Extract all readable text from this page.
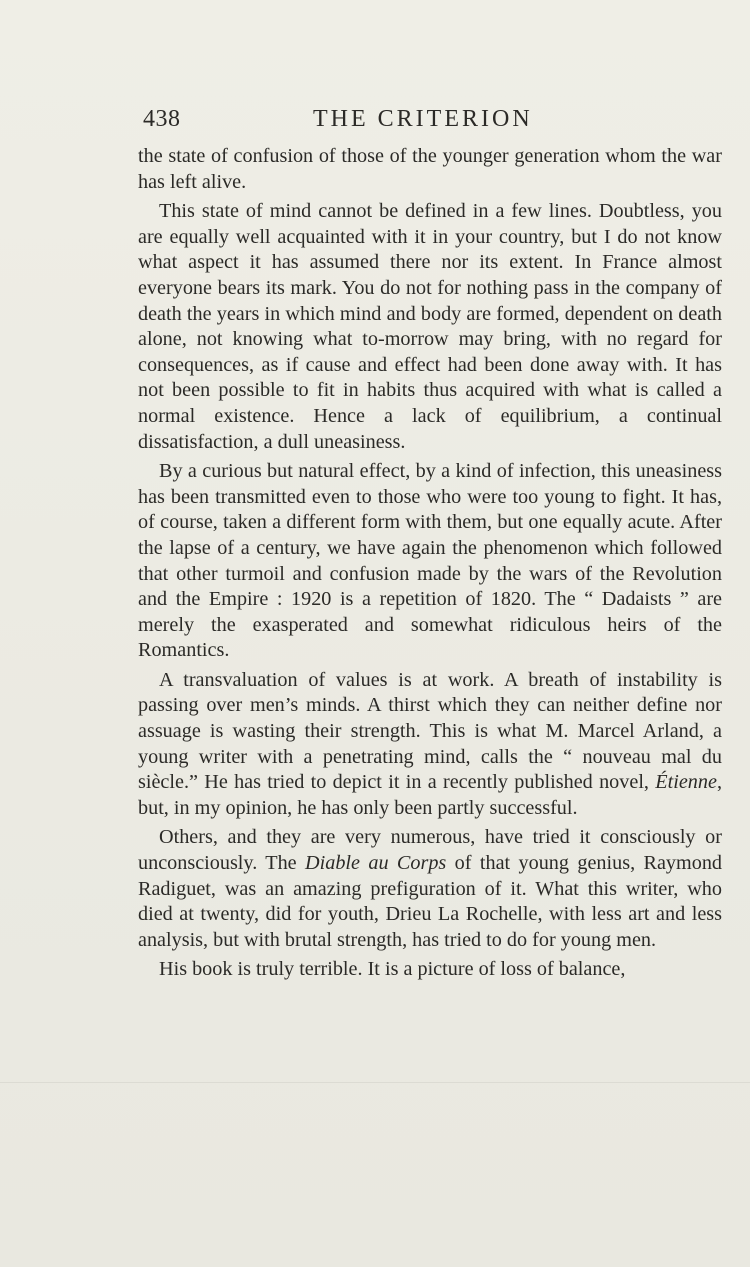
438	THE CRITERION

the state of confusion of those of the younger generation whom the war has left alive.

This state of mind cannot be defined in a few lines. Doubtless, you are equally well acquainted with it in your country, but I do not know what aspect it has assumed there nor its extent. In France almost everyone bears its mark. You do not for nothing pass in the company of death the years in which mind and body are formed, dependent on death alone, not knowing what to-morrow may bring, with no regard for consequences, as if cause and effect had been done away with. It has not been possible to fit in habits thus acquired with what is called a normal existence. Hence a lack of equilibrium, a continual dissatisfaction, a dull uneasiness.

By a curious but natural effect, by a kind of infection, this uneasiness has been transmitted even to those who were too young to fight. It has, of course, taken a different form with them, but one equally acute. After the lapse of a century, we have again the phenomenon which followed that other turmoil and confusion made by the wars of the Revolution and the Empire : 1920 is a repetition of 1820. The “ Dadaists ” are merely the exasperated and somewhat ridiculous heirs of the Romantics.

A transvaluation of values is at work. A breath of instability is passing over men’s minds. A thirst which they can neither define nor assuage is wasting their strength. This is what M. Marcel Arland, a young writer with a penetrating mind, calls the “ nouveau mal du siècle.” He has tried to depict it in a recently published novel, Étienne, but, in my opinion, he has only been partly successful.

Others, and they are very numerous, have tried it consciously or unconsciously. The Diable au Corps of that young genius, Raymond Radiguet, was an amazing prefiguration of it. What this writer, who died at twenty, did for youth, Drieu La Rochelle, with less art and less analysis, but with brutal strength, has tried to do for young men.

His book is truly terrible. It is a picture of loss of balance,
